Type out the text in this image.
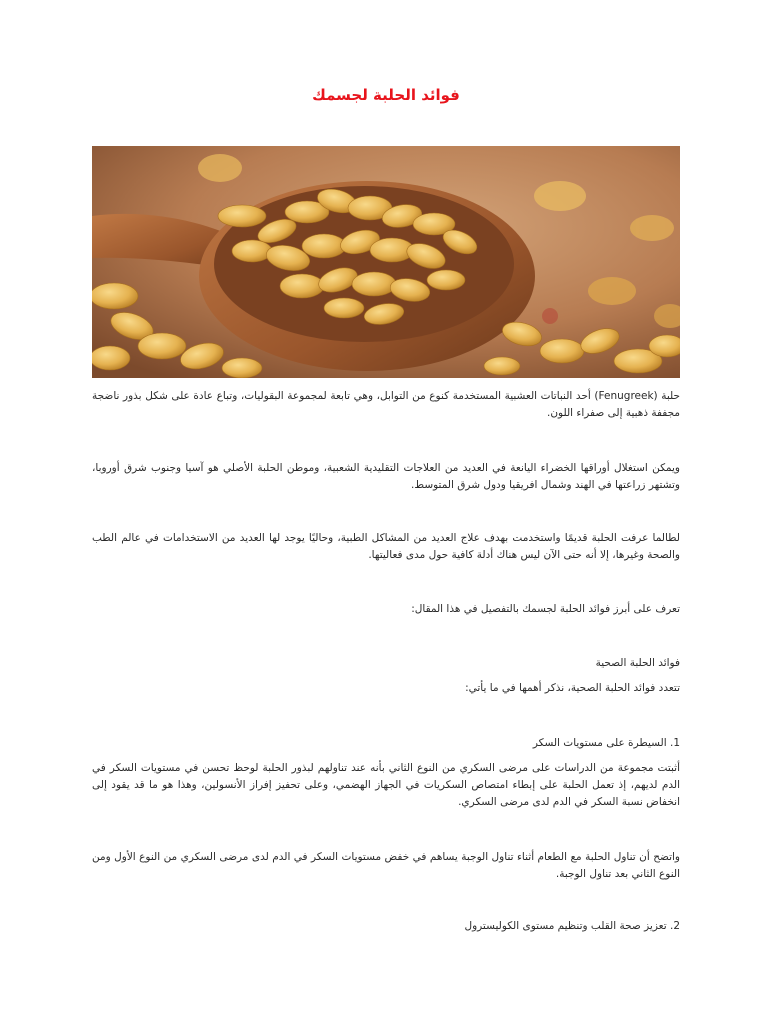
فوائد الحلبة لجسمك

حلبة (Fenugreek) أحد النباتات العشبية المستخدمة كنوع من التوابل، وهي تابعة لمجموعة البقوليات، وتباع عادة على شكل بذور ناضجة مجففة ذهبية إلى صفراء اللون.

ويمكن استغلال أوراقها الخضراء اليانعة في العديد من العلاجات التقليدية الشعبية، وموطن الحلبة الأصلي هو آسيا وجنوب شرق أوروبا، وتشتهر زراعتها في الهند وشمال افريقيا ودول شرق المتوسط.

لطالما عرفت الحلبة قديمًا واستخدمت بهدف علاج العديد من المشاكل الطبية، وحاليًا يوجد لها العديد من الاستخدامات في عالم الطب والصحة وغيرها، إلا أنه حتى الآن ليس هناك أدلة كافية حول مدى فعاليتها.

تعرف على أبرز فوائد الحلبة لجسمك بالتفصيل في هذا المقال:

فوائد الحلبة الصحية

تتعدد فوائد الحلبة الصحية، نذكر أهمها في ما يأتي:

1. السيطرة على مستويات السكر

أثبتت مجموعة من الدراسات على مرضى السكري من النوع الثاني بأنه عند تناولهم لبذور الحلبة لوحظ تحسن في مستويات السكر في الدم لديهم، إذ تعمل الحلبة على إبطاء امتصاص السكريات في الجهاز الهضمي، وعلى تحفيز إفراز الأنسولين، وهذا هو ما قد يقود إلى انخفاض نسبة السكر في الدم لدى مرضى السكري.

واتضح أن تناول الحلبة مع الطعام أثناء تناول الوجبة يساهم في خفض مستويات السكر في الدم لدى مرضى السكري من النوع الأول ومن النوع الثاني بعد تناول الوجبة.

2. تعزيز صحة القلب وتنظيم مستوى الكوليسترول
